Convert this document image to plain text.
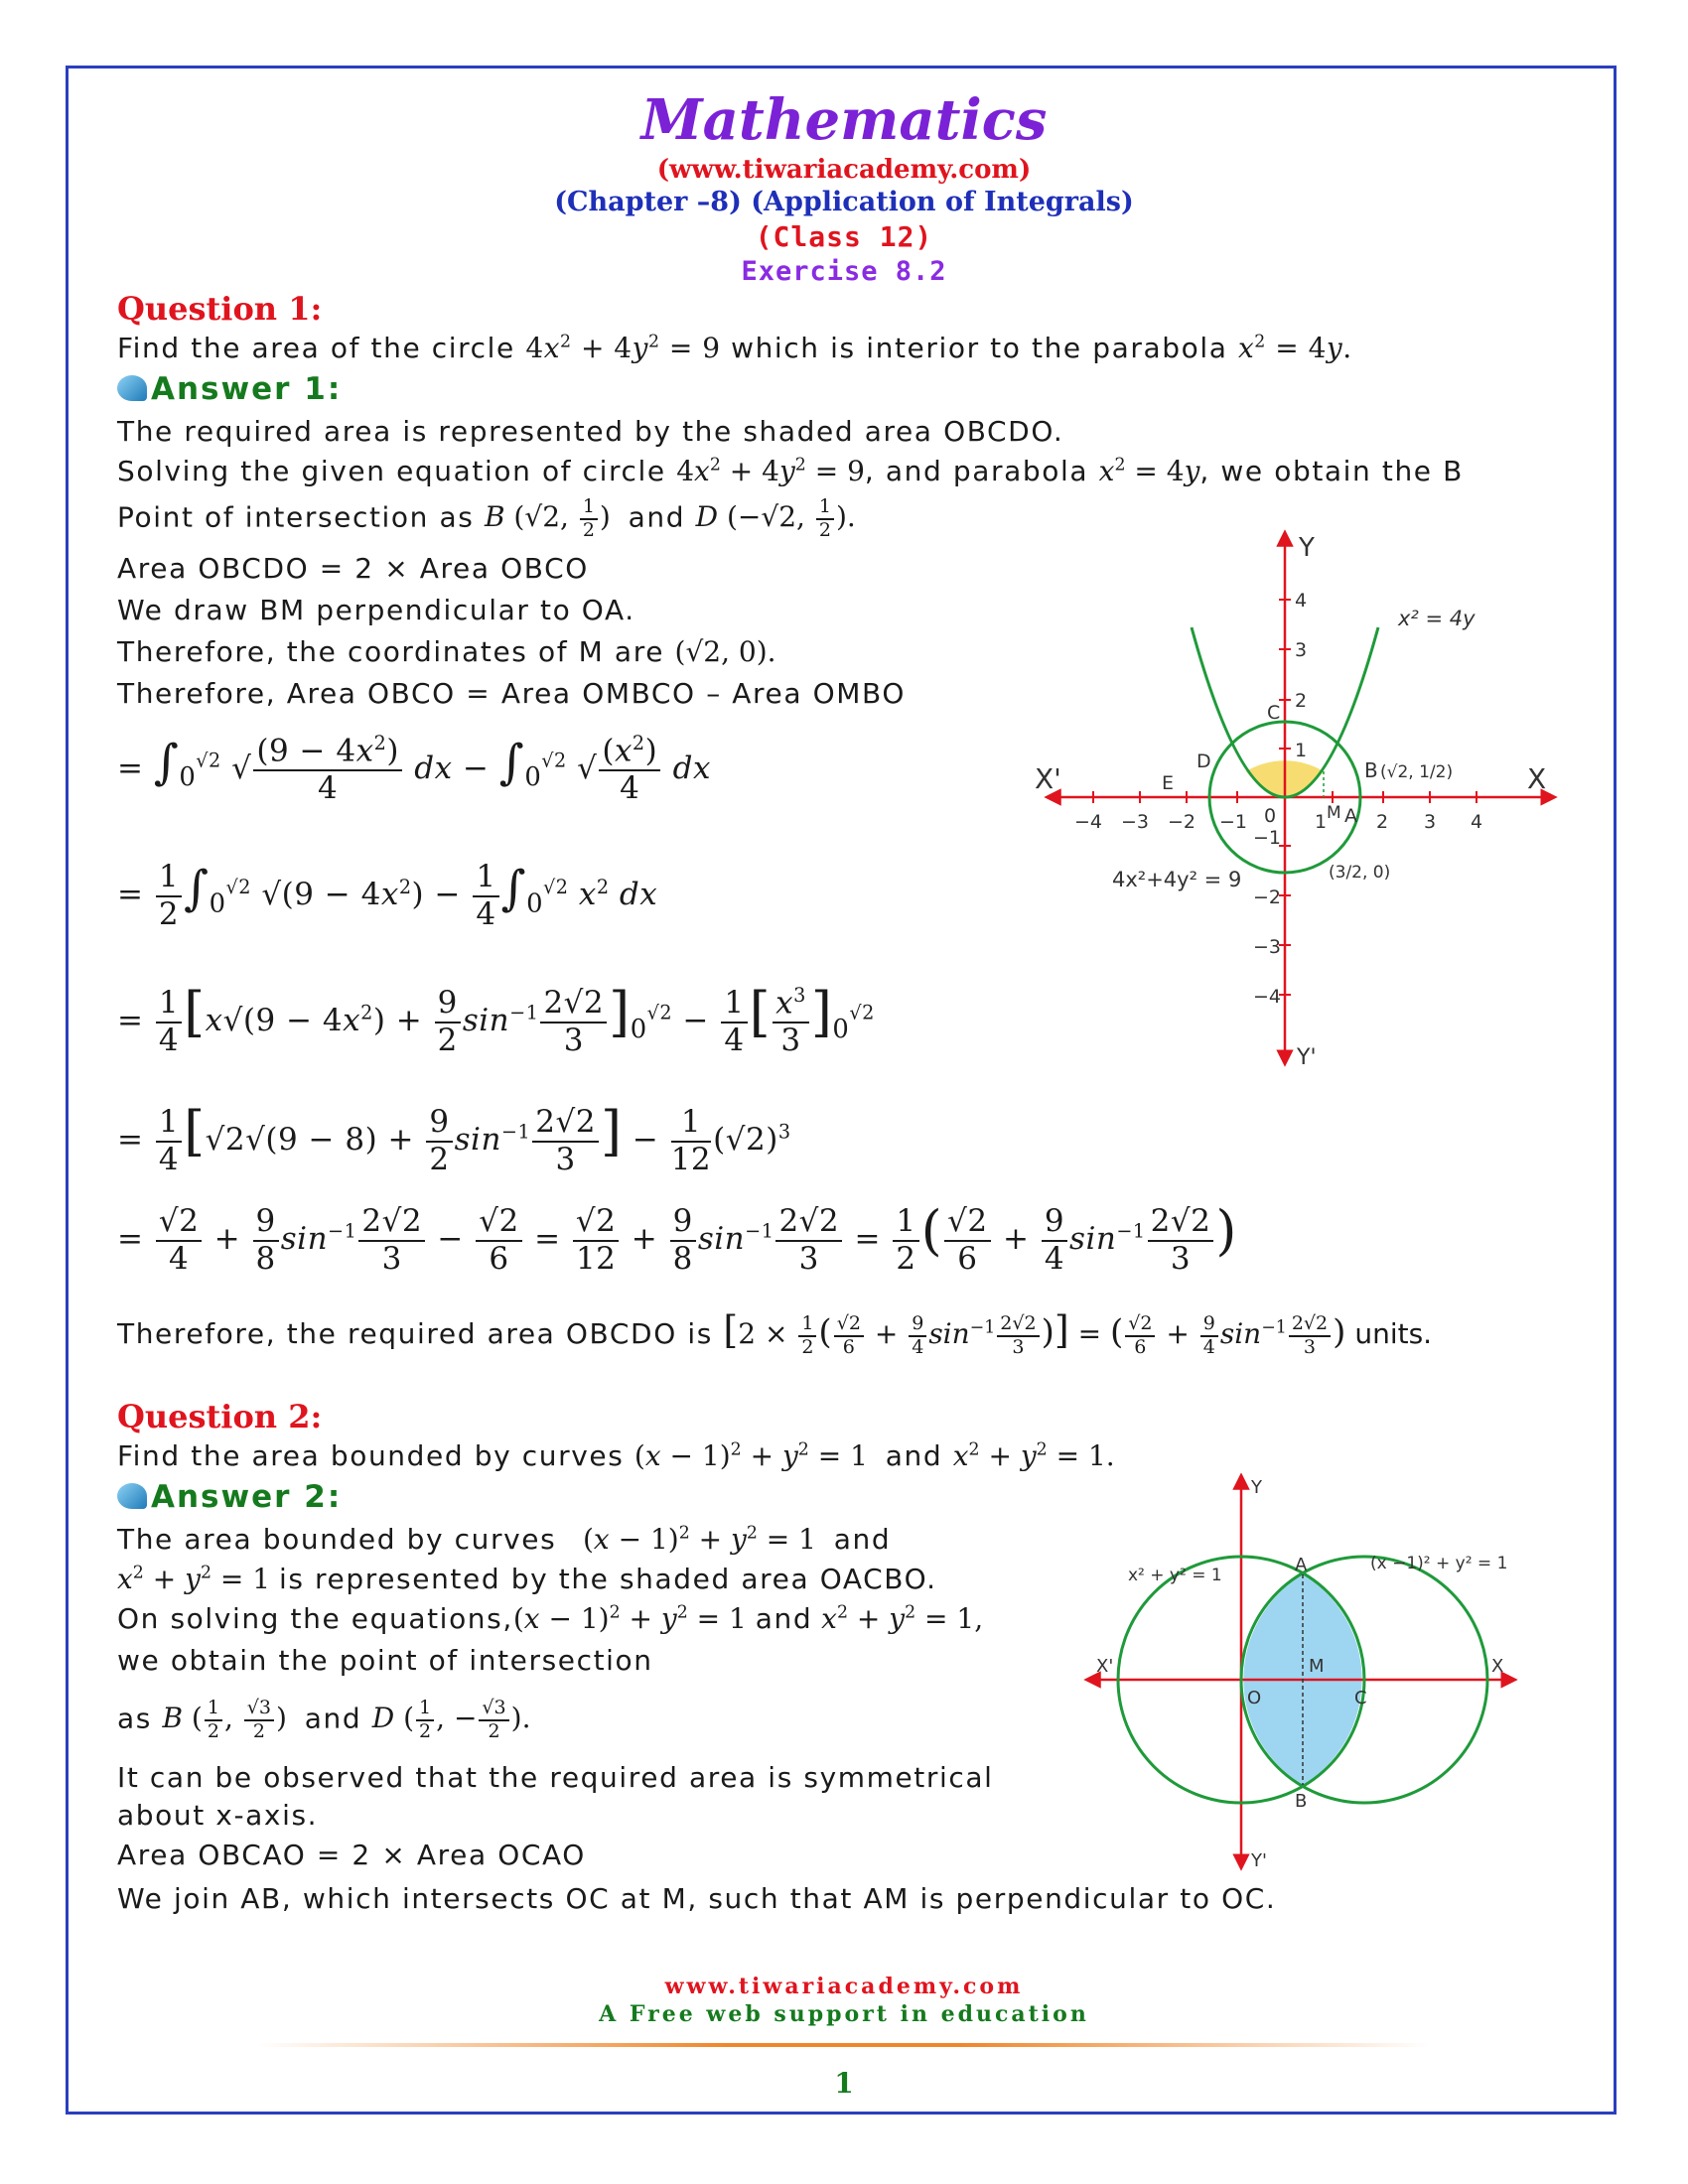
Mathematics
(www.tiwariacademy.com)
(Chapter –8) (Application of Integrals)
(Class 12)
Exercise 8.2
Question 1:
Find the area of the circle $4x^2 + 4y^2 = 9$ which is interior to the parabola $x^2 = 4y$.
Answer 1:
The required area is represented by the shaded area OBCDO.
Solving the given equation of circle $4x^2 + 4y^2 = 9$, and parabola $x^2 = 4y$, we obtain the B
Point of intersection as B (√2, $\frac{1}{2}$ )  and D (−√2, $\frac{1}{2}$ ).
Area OBCDO = 2 × Area OBCO
We draw BM perpendicular to OA.
Therefore, the coordinates of M are (√2, 0).
Therefore, Area OBCO = Area OMBCO – Area OMBO
= $\int_0^{√2}$ √ $\frac{(9 - 4x^2)}{4}$ dx − $\int_0^{√2}$ √ $\frac{(x^2)}{4}$ dx
= $\frac{1}{2} \int_0^{√2}$ $√(9 - 4x^2) - \frac{1}{4} \int_0^{√2}$ $x^2$ dx
= $\frac{1}{4} [x√(9 - 4x^2) + \frac{9}{2} \sin^{-1} \frac{2√2}{3} ]_0^{√2} - \frac{1}{4}$ [ $\frac{x^3}{3} ]_0^{√2}$
= $\frac{1}{4} [√2√(9 - 8) + \frac{9}{2} \sin^{-1} \frac{2√2}{3}$ ] − $\frac{1}{12} (√2)^3$
= $\frac{√2}{4} + \frac{9}{8} \sin^{-1} \frac{2√2}{3} - \frac{√2}{6} = \frac{√2}{12} + \frac{9}{8} \sin^{-1} \frac{2√2}{3} = \frac{1}{2}$ ( $\frac{√2}{6} + \frac{9}{4} \sin^{-1} \frac{2√2}{3}$ )
Therefore, the required area OBCDO is [$2 \times \frac{1}{2}$ ( $\frac{√2}{6} + \frac{9}{4} \sin^{-1} \frac{2√2}{3}$ )] = ( $\frac{√2}{6} + \frac{9}{4} \sin^{-1} \frac{2√2}{3}$ ) units.
Y
Y'
X
X'
x² = 4y
4x²+4y² = 9
B (√2, 1/2)
(3/2, 0)
C
D
E
M A
0
−4 −3 −2 −1	1	2 3 4
4
3
2
1
−1
−2
−3
−4
Question 2:
Find the area bounded by curves $(x - 1)^2 + y^2 = 1$  and $x^2 + y^2 = 1$.
Answer 2:
The area bounded by curves   $(x - 1)^2 + y^2 = 1$  and
$x^2 + y^2 = 1$ is represented by the shaded area OACBO.
On solving the equations,(x − $1)^2 + y^2 = 1$ and $x^2 + y^2 = 1$,
we obtain the point of intersection
as B ( $\frac{1}{2}$ , $\frac{√3}{2}$ )  and D ( $\frac{1}{2}$ , − $\frac{√3}{2}$ ).
It can be observed that the required area is symmetrical
about x-axis.
Area OBCAO = 2 × Area OCAO
We join AB, which intersects OC at M, such that AM is perpendicular to OC.
Y
Y'
X
X'
x² + y² = 1
(x −1)² + y² = 1
A
B
C
M
O
www.tiwariacademy.com
A Free web support in education
1
